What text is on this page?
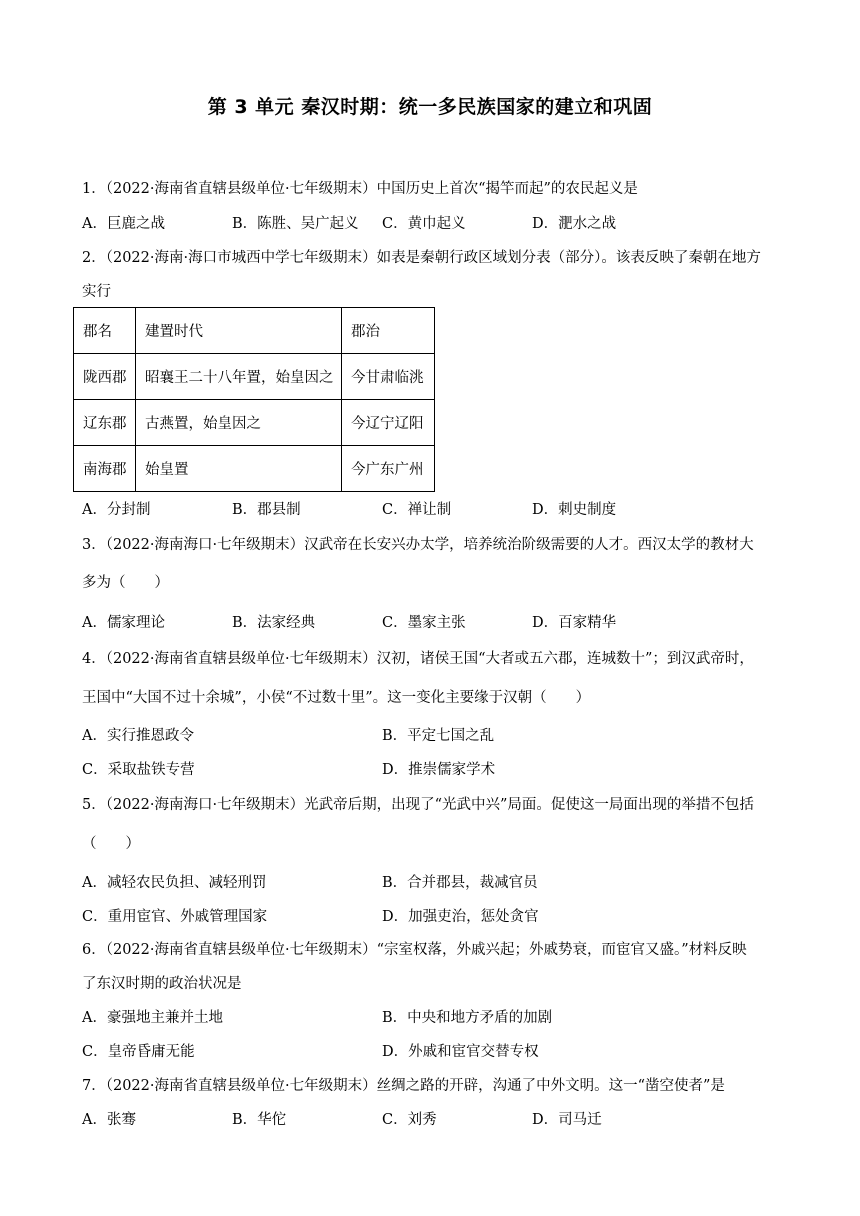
第 3 单元 秦汉时期：统一多民族国家的建立和巩固
1．（2022·海南省直辖县级单位·七年级期末）中国历史上首次“揭竿而起”的农民起义是
A．巨鹿之战	B．陈胜、吴广起义 C．黄巾起义	D．淝水之战
2．（2022·海南·海口市城西中学七年级期末）如表是秦朝行政区域划分表（部分）。该表反映了秦朝在地方
实行
郡名	建置时代	郡治
陇西郡	昭襄王二十八年置，始皇因之	今甘肃临洮
辽东郡	古燕置，始皇因之	今辽宁辽阳
南海郡	始皇置	今广东广州
A．分封制	B．郡县制	C．禅让制	D．刺史制度
3．（2022·海南海口·七年级期末）汉武帝在长安兴办太学，培养统治阶级需要的人才。西汉太学的教材大
多为（　　）
A．儒家理论	B．法家经典	C．墨家主张	D．百家精华
4．（2022·海南省直辖县级单位·七年级期末）汉初，诸侯王国“大者或五六郡，连城数十”；到汉武帝时，
王国中“大国不过十余城”，小侯“不过数十里”。这一变化主要缘于汉朝（　　）
A．实行推恩政令	B．平定七国之乱
C．采取盐铁专营	D．推崇儒家学术
5．（2022·海南海口·七年级期末）光武帝后期，出现了“光武中兴”局面。促使这一局面出现的举措不包括
（　　）
A．减轻农民负担、减轻刑罚	B．合并郡县，裁减官员
C．重用宦官、外戚管理国家	D．加强吏治，惩处贪官
6．（2022·海南省直辖县级单位·七年级期末）“宗室权落，外戚兴起；外戚势衰，而宦官又盛。”材料反映
了东汉时期的政治状况是
A．豪强地主兼并土地	B．中央和地方矛盾的加剧
C．皇帝昏庸无能	D．外戚和宦官交替专权
7．（2022·海南省直辖县级单位·七年级期末）丝绸之路的开辟，沟通了中外文明。这一“凿空使者”是
A．张骞	B．华佗	C．刘秀	D．司马迁
